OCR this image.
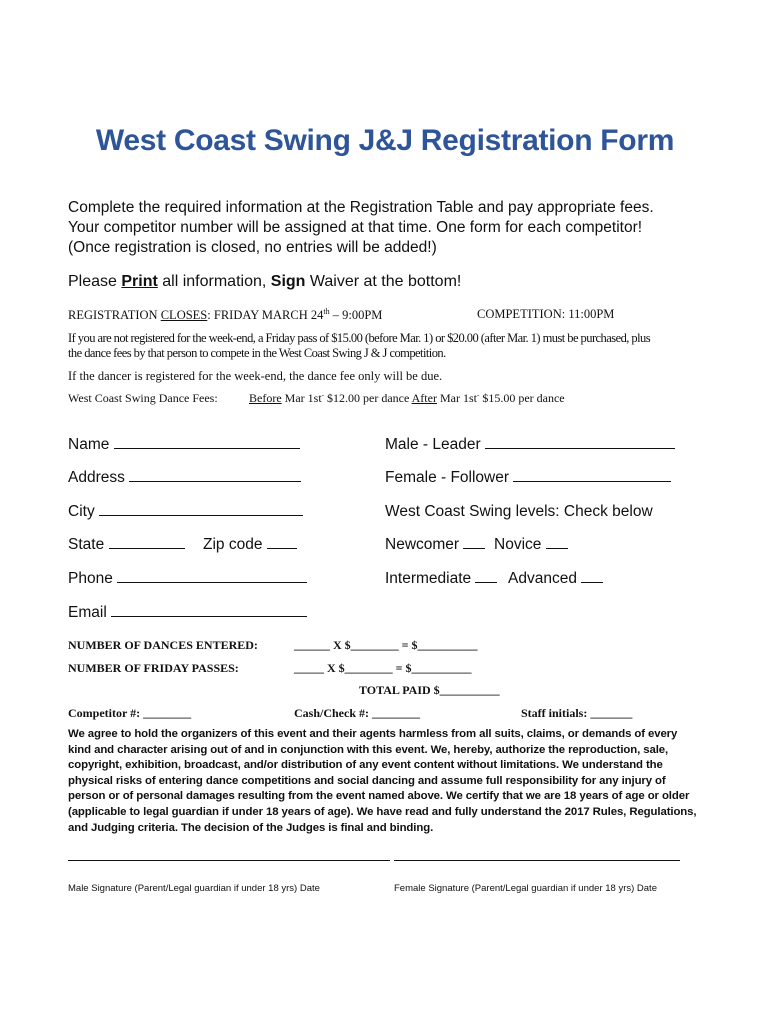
West Coast Swing J&J Registration Form
Complete the required information at the Registration Table and pay appropriate fees.
Your competitor number will be assigned at that time. One form for each competitor!
(Once registration is closed, no entries will be added!)
Please Print all information, Sign Waiver at the bottom!
REGISTRATION CLOSES: FRIDAY MARCH 24th – 9:00PM	COMPETITION: 11:00PM
If you are not registered for the week-end, a Friday pass of $15.00 (before Mar. 1) or $20.00 (after Mar. 1) must be purchased, plus
the dance fees by that person to compete in the West Coast Swing J & J competition.
If the dancer is registered for the week-end, the dance fee only will be due.
West Coast Swing Dance Fees:	Before Mar 1st- $12.00 per dance After Mar 1st- $15.00 per dance
Name
Address
City
State	Zip code
Phone
Email
Male - Leader
Female - Follower
West Coast Swing levels: Check below
Newcomer	Novice
Intermediate	Advanced
NUMBER OF DANCES ENTERED:	______ X $________ = $__________
NUMBER OF FRIDAY PASSES:	_____ X $________ = $__________
TOTAL PAID $__________
Competitor #: ________	Cash/Check #: ________	Staff initials: _______
We agree to hold the organizers of this event and their agents harmless from all suits, claims, or demands of every kind and character arising out of and in conjunction with this event. We, hereby, authorize the reproduction, sale, copyright, exhibition, broadcast, and/or distribution of any event content without limitations. We understand the physical risks of entering dance competitions and social dancing and assume full responsibility for any injury of person or of personal damages resulting from the event named above. We certify that we are 18 years of age or older (applicable to legal guardian if under 18 years of age). We have read and fully understand the 2017 Rules, Regulations, and Judging criteria. The decision of the Judges is final and binding.
Male Signature (Parent/Legal guardian if under 18 yrs) Date	Female Signature (Parent/Legal guardian if under 18 yrs) Date
